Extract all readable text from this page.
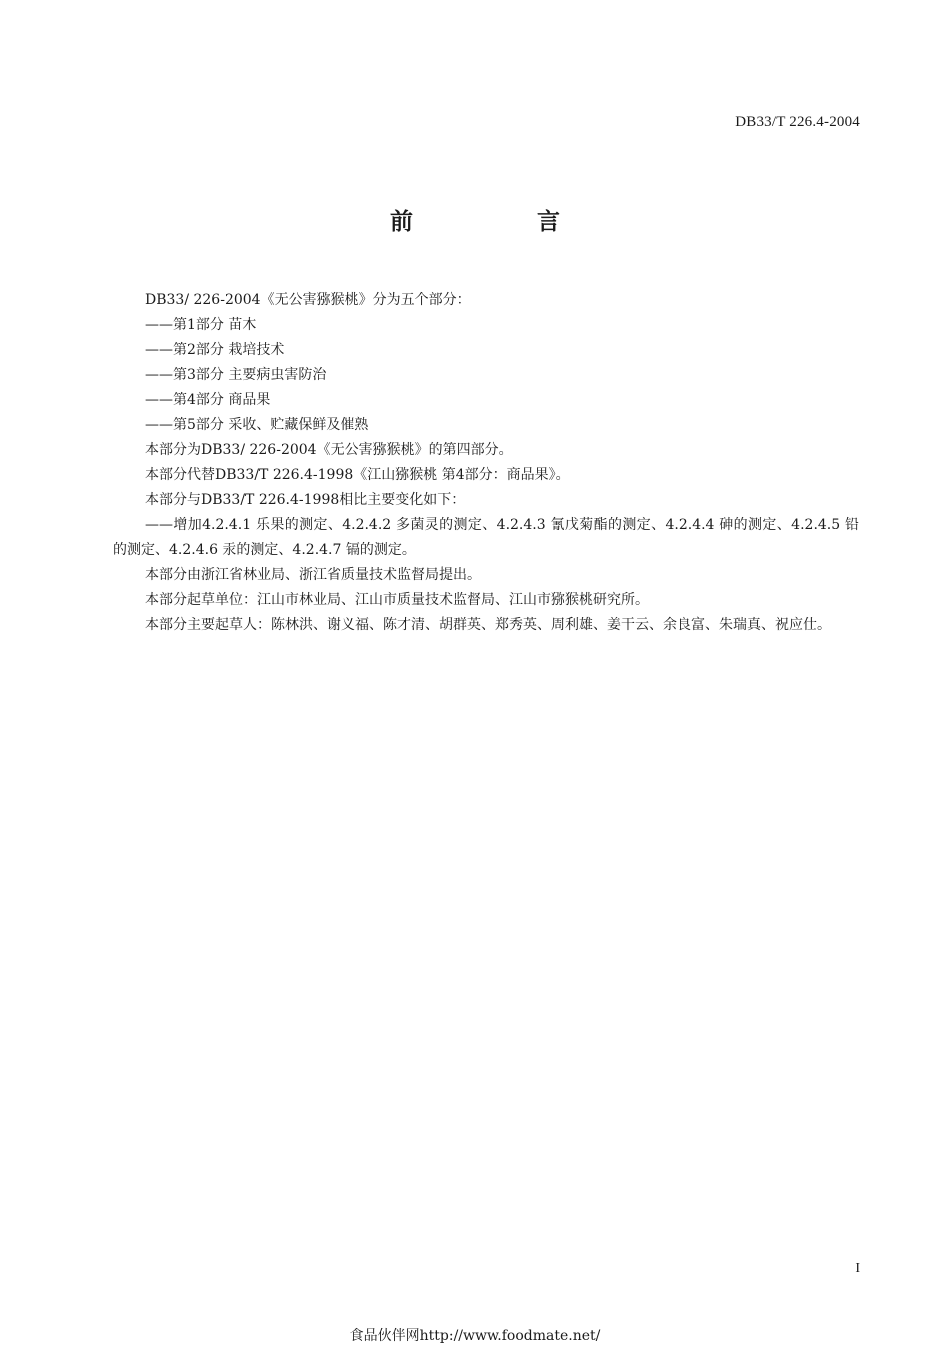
DB33/T 226.4-2004
前 言

DB33/ 226-2004《无公害猕猴桃》分为五个部分：

——第1部分 苗木

——第2部分 栽培技术

——第3部分 主要病虫害防治

——第4部分 商品果

——第5部分 采收、贮藏保鲜及催熟

本部分为DB33/ 226-2004《无公害猕猴桃》的第四部分。

本部分代替DB33/T 226.4-1998《江山猕猴桃 第4部分：商品果》。

本部分与DB33/T 226.4-1998相比主要变化如下：

——增加4.2.4.1 乐果的测定、4.2.4.2 多菌灵的测定、4.2.4.3 氰戊菊酯的测定、4.2.4.4 砷的测定、4.2.4.5 铅的测定、4.2.4.6 汞的测定、4.2.4.7 镉的测定。

本部分由浙江省林业局、浙江省质量技术监督局提出。

本部分起草单位：江山市林业局、江山市质量技术监督局、江山市猕猴桃研究所。

本部分主要起草人：陈林洪、谢义福、陈才清、胡群英、郑秀英、周利雄、姜干云、余良富、朱瑞真、祝应仕。

I
食品伙伴网http://www.foodmate.net/
